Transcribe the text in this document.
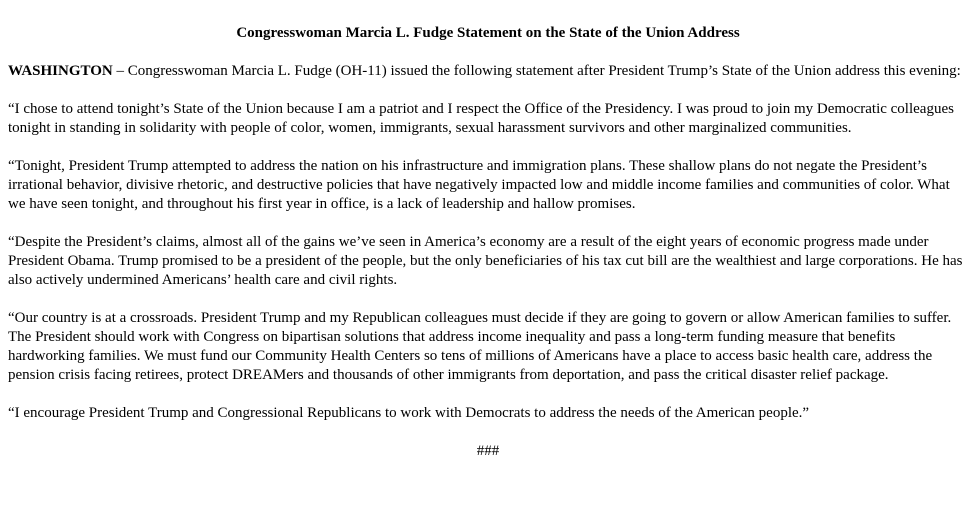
Congresswoman Marcia L. Fudge Statement on the State of the Union Address

WASHINGTON – Congresswoman Marcia L. Fudge (OH-11) issued the following statement after President Trump’s State of the Union address this evening:

“I chose to attend tonight’s State of the Union because I am a patriot and I respect the Office of the Presidency. I was proud to join my Democratic colleagues tonight in standing in solidarity with people of color, women, immigrants, sexual harassment survivors and other marginalized communities.

“Tonight, President Trump attempted to address the nation on his infrastructure and immigration plans. These shallow plans do not negate the President’s irrational behavior, divisive rhetoric, and destructive policies that have negatively impacted low and middle income families and communities of color. What we have seen tonight, and throughout his first year in office, is a lack of leadership and hallow promises.

“Despite the President’s claims, almost all of the gains we’ve seen in America’s economy are a result of the eight years of economic progress made under President Obama. Trump promised to be a president of the people, but the only beneficiaries of his tax cut bill are the wealthiest and large corporations. He has also actively undermined Americans’ health care and civil rights.

“Our country is at a crossroads. President Trump and my Republican colleagues must decide if they are going to govern or allow American families to suffer. The President should work with Congress on bipartisan solutions that address income inequality and pass a long-term funding measure that benefits hardworking families. We must fund our Community Health Centers so tens of millions of Americans have a place to access basic health care, address the pension crisis facing retirees, protect DREAMers and thousands of other immigrants from deportation, and pass the critical disaster relief package.

“I encourage President Trump and Congressional Republicans to work with Democrats to address the needs of the American people.”

###
